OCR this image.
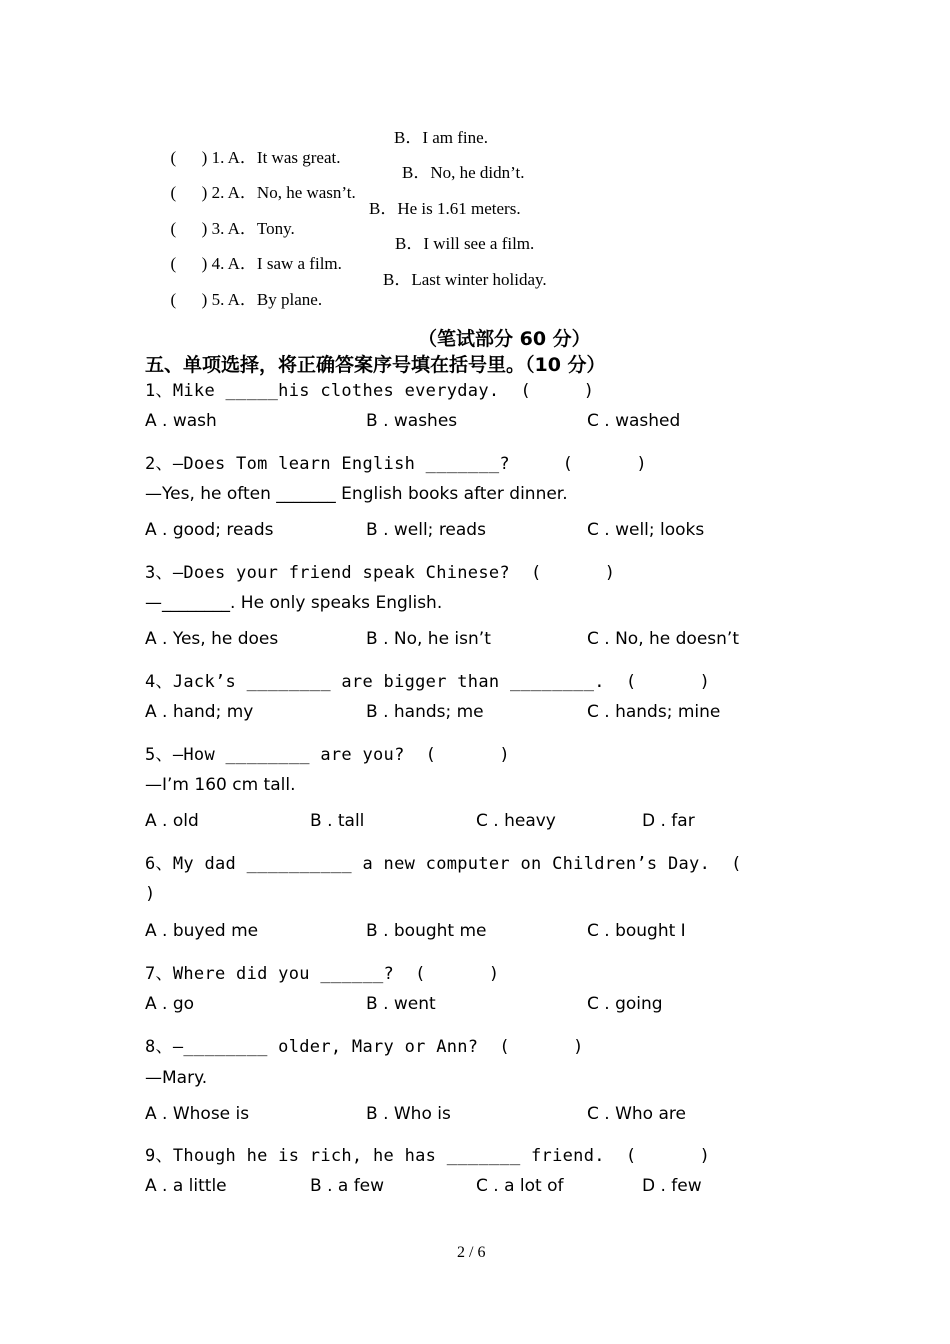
(      ) 1. A．It was great.

B．I am fine.

(      ) 2. A．No, he wasn’t.

B．No, he didn’t.

(      ) 3. A．Tony.

B．He is 1.61 meters.

(      ) 4. A．I saw a film.

B．I will see a film.

(      ) 5. A．By plane.

B．Last winter holiday.
（笔试部分 60 分）
五、单项选择，将正确答案序号填在括号里。（10 分）
1、Mike _____his clothes everyday.  (     )
A . wash	B . washes	C . washed
2、—Does Tom learn English _______?     (      )
—Yes, he often _______ English books after dinner.
A . good; reads	B . well; reads	C . well; looks
3、—Does your friend speak Chinese?  (      )
—________. He only speaks English.
A . Yes, he does	B . No, he isn’t	C . No, he doesn’t
4、Jack’s ________ are bigger than ________.  (      )
A . hand; my	B . hands; me	C . hands; mine
5、—How ________ are you?  (      )
—I’m 160 cm tall.
A . old	B . tall	C . heavy	D . far
6、My dad __________ a new computer on Children’s Day.  (
)
A . buyed me	B . bought me	C . bought I
7、Where did you ______?  (      )
A . go	B . went	C . going
8、—________ older, Mary or Ann?  (      )
—Mary.
A . Whose is	B . Who is	C . Who are
9、Though he is rich, he has _______ friend.  (      )
A . a little	B . a few	C . a lot of	D . few
2 / 6
